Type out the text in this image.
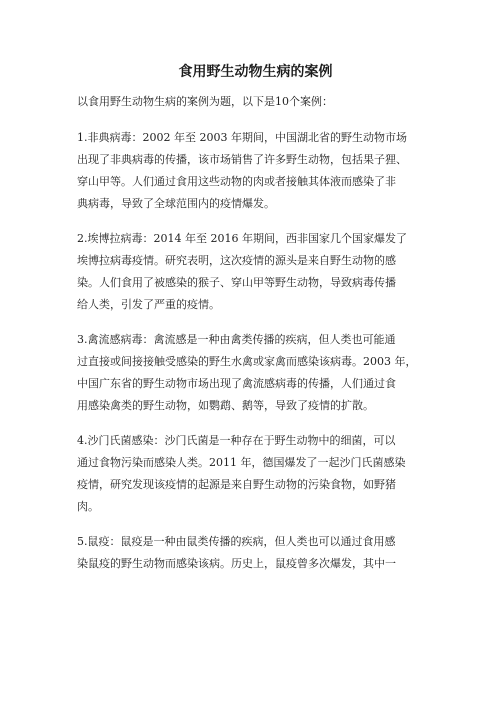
食用野生动物生病的案例

以食用野生动物生病的案例为题，以下是10个案例：

1.非典病毒：2002 年至 2003 年期间，中国湖北省的野生动物市场
出现了非典病毒的传播，该市场销售了许多野生动物，包括果子狸、
穿山甲等。人们通过食用这些动物的肉或者接触其体液而感染了非
典病毒，导致了全球范围内的疫情爆发。

2.埃博拉病毒：2014 年至 2016 年期间，西非国家几个国家爆发了
埃博拉病毒疫情。研究表明，这次疫情的源头是来自野生动物的感
染。人们食用了被感染的猴子、穿山甲等野生动物，导致病毒传播
给人类，引发了严重的疫情。

3.禽流感病毒：禽流感是一种由禽类传播的疾病，但人类也可能通
过直接或间接接触受感染的野生水禽或家禽而感染该病毒。2003 年，
中国广东省的野生动物市场出现了禽流感病毒的传播，人们通过食
用感染禽类的野生动物，如鹦鹉、鹅等，导致了疫情的扩散。

4.沙门氏菌感染：沙门氏菌是一种存在于野生动物中的细菌，可以
通过食物污染而感染人类。2011 年，德国爆发了一起沙门氏菌感染
疫情，研究发现该疫情的起源是来自野生动物的污染食物，如野猪
肉。

5.鼠疫：鼠疫是一种由鼠类传播的疾病，但人类也可以通过食用感
染鼠疫的野生动物而感染该病。历史上，鼠疫曾多次爆发，其中一
